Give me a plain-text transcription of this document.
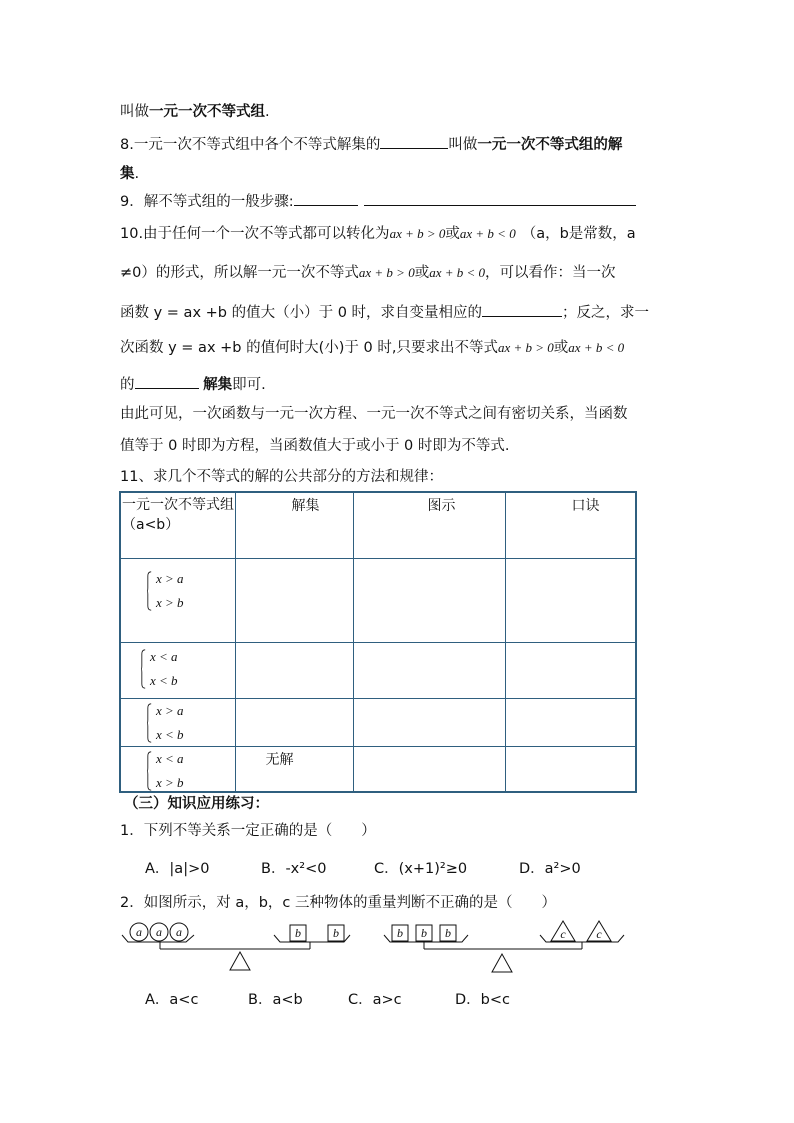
叫做一元一次不等式组.
8.一元一次不等式组中各个不等式解集的	叫做一元一次不等式组的解
集.
9．解不等式组的一般步骤:
10.由于任何一个一次不等式都可以转化为ax + b > 0或ax + b < 0 （a，b是常数，a
≠0）的形式，所以解一元一次不等式ax + b > 0或ax + b < 0，可以看作：当一次
函数 y = ax +b 的值大（小）于 0 时，求自变量相应的	；反之，求一
次函数 y = ax +b 的值何时大(小)于 0 时,只要求出不等式ax + b > 0或ax + b < 0
的	解集即可.
由此可见，一次函数与一元一次方程、一元一次不等式之间有密切关系，当函数
值等于 0 时即为方程，当函数值大于或小于 0 时即为不等式.
11、求几个不等式的解的公共部分的方法和规律：
一元一次不等式组（a<b）	解集	图示	口诀

x > a
x > b			

x < a
x < b			

x > a
x < b			

x < a
x > b	无解		
（三）知识应用练习：
1．下列不等关系一定正确的是（　　）
A．|a|>0	B．-x²<0	C．(x+1)²≥0	D．a²>0
2．如图所示，对 a，b，c 三种物体的重量判断不正确的是（　　）
a a a	b	b	b b b	c	c
A．a<c	B．a<b	C．a>c	D．b<c
